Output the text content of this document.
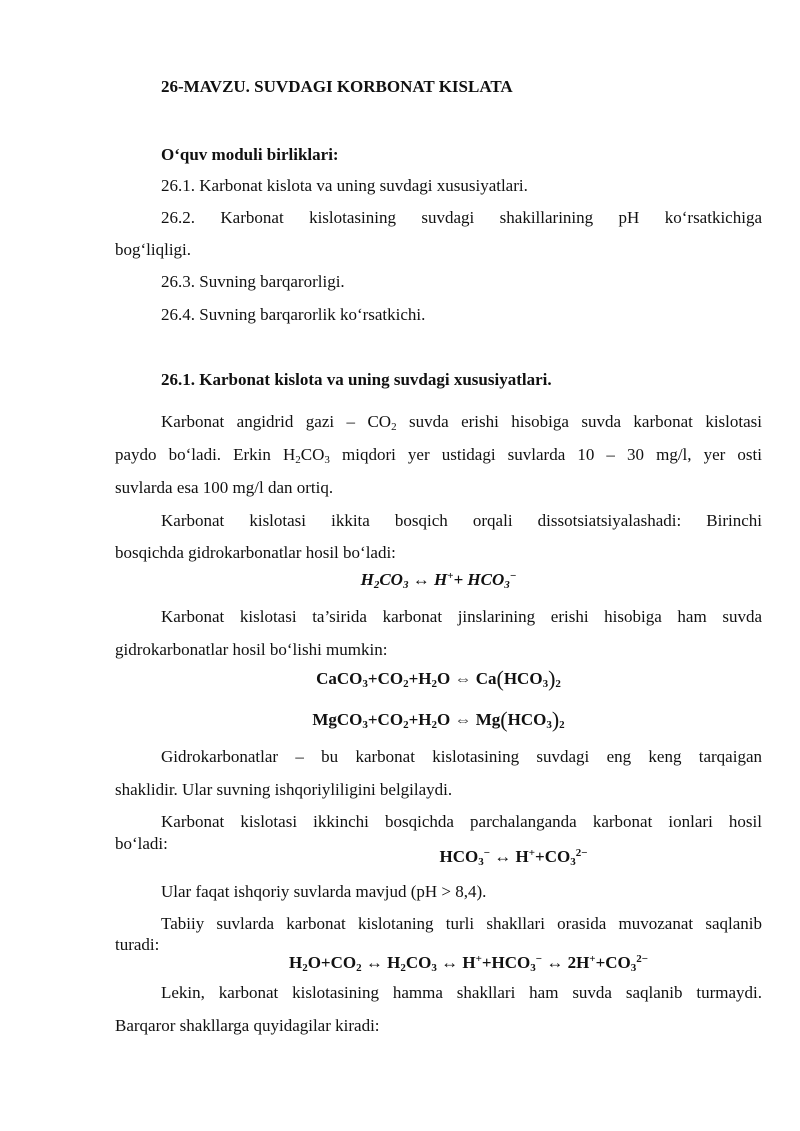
26-MAVZU. SUVDAGI KORBONAT KISLATA
O‘quv moduli birliklari:
26.1. Karbonat kislota va uning suvdagi xususiyatlari.
26.2. Karbonat kislotasining suvdagi shakillarining pH ko‘rsatkichiga
bog‘liqligi.
26.3. Suvning barqarorligi.
26.4. Suvning barqarorlik ko‘rsatkichi.
26.1. Karbonat kislota va uning suvdagi xususiyatlari.
Karbonat angidrid gazi – $CO_2$ suvda erishi hisobiga suvda karbonat kislotasi
paydo bo‘ladi. Erkin $H_2CO_3$ miqdori yer ustidagi suvlarda 10 – 30 mg/l, yer osti
suvlarda esa 100 mg/l dan ortiq.
Karbonat kislotasi ikkita bosqich orqali dissotsiatsiyalashadi: Birinchi
bosqichda gidrokarbonatlar hosil bo‘ladi:
$H_2CO_3$ ↔ $H^++ HCO_3^-$
Karbonat kislotasi ta’sirida karbonat jinslarining erishi hisobiga ham suvda
gidrokarbonatlar hosil bo‘lishi mumkin:
$CaCO_3+CO_2+H_2O$ ⇔ $Ca(HCO_3)_2$
$MgCO_3+CO_2+H_2O$ ⇔ $Mg(HCO_3)_2$
Gidrokarbonatlar – bu karbonat kislotasining suvdagi eng keng tarqaigan
shaklidir. Ular suvning ishqoriyliligini belgilaydi.
Karbonat kislotasi ikkinchi bosqichda parchalanganda karbonat ionlari hosil
bo‘ladi:
$HCO_3^-$ ↔ $H^++CO_3^{2-}$
Ular faqat ishqoriy suvlarda mavjud (pH > 8,4).
Tabiiy suvlarda karbonat kislotaning turli shakllari orasida muvozanat saqlanib
turadi:
$H_2O+CO_2$ ↔ $H_2CO_3$ ↔ $H^++HCO_3^-$ ↔ $2H^++CO_3^{2-}$
Lekin, karbonat kislotasining hamma shakllari ham suvda saqlanib turmaydi.
Barqaror shakllarga quyidagilar kiradi:
